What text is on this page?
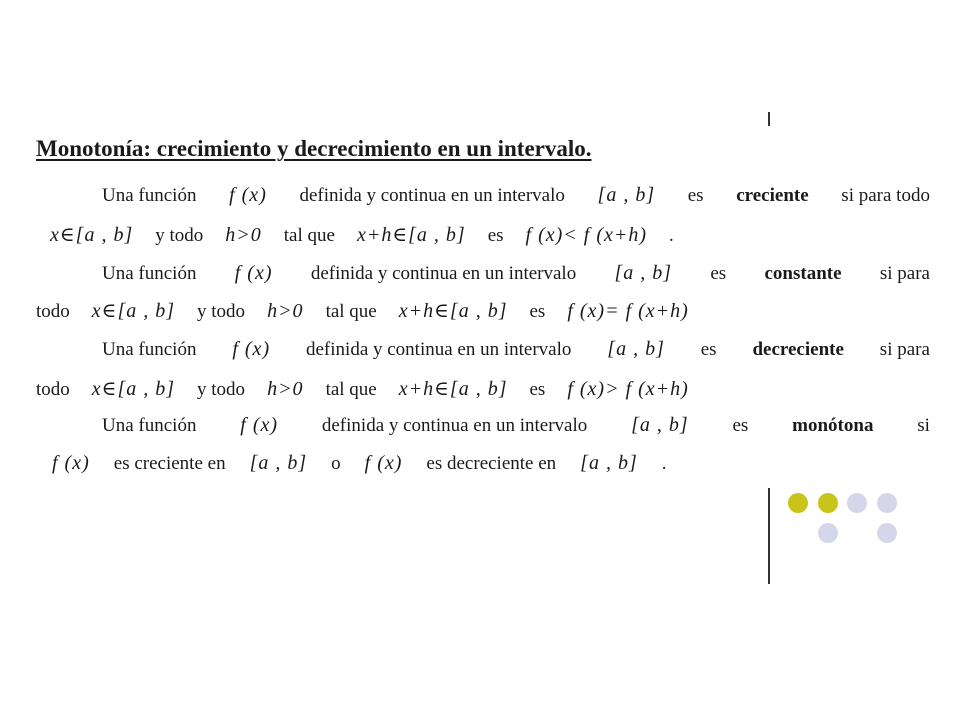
Monotonía: crecimiento y decrecimiento en un intervalo.
Una función f (x) definida y continua en un intervalo [a , b] es creciente si para todo
x∈[a , b] y todo h>0 tal que x+h∈[a , b] es f (x)< f (x+h) .
Una función f (x) definida y continua en un intervalo [a , b] es constante si para
todo x∈[a , b] y todo h>0 tal que x+h∈[a , b] es f (x)= f (x+h)
Una función f (x) definida y continua en un intervalo [a , b] es decreciente si para
todo x∈[a , b] y todo h>0 tal que x+h∈[a , b] es f (x)> f (x+h)
Una función f (x) definida y continua en un intervalo [a , b] es monótona si
f (x) es creciente en [a , b] o f (x) es decreciente en [a , b] .
